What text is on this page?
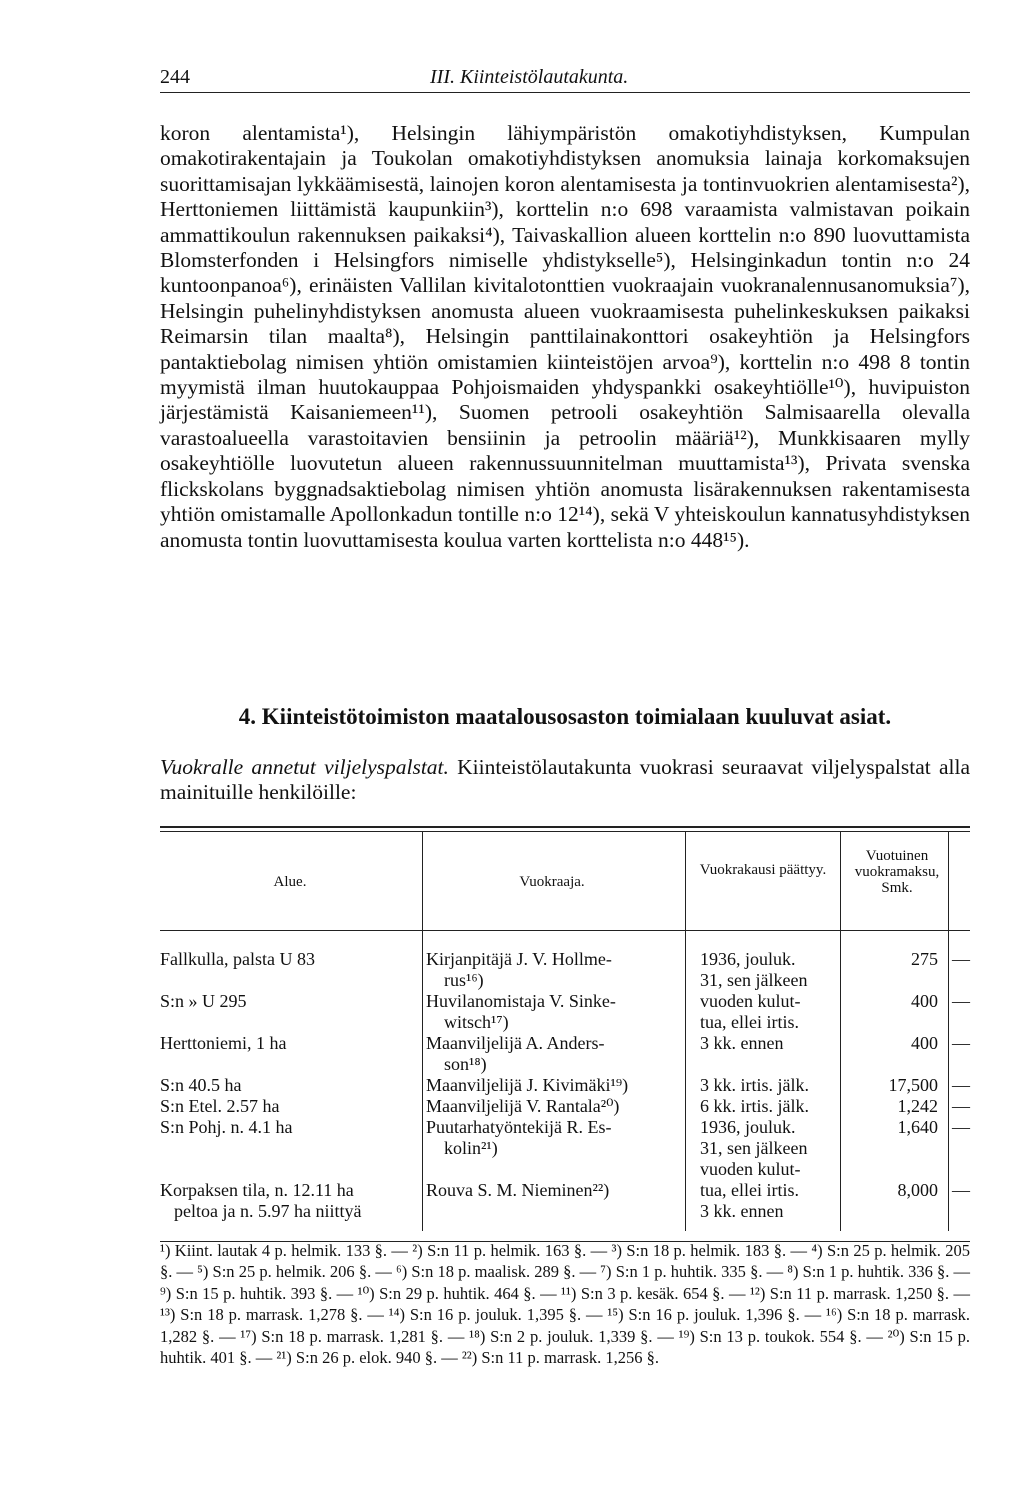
244	III. Kiinteistölautakunta.
koron alentamista¹), Helsingin lähiympäristön omakotiyhdistyksen, Kumpulan omakotirakentajain ja Toukolan omakotiyhdistyksen anomuksia lainaja korkomaksujen suorittamisajan lykkäämisestä, lainojen koron alentamisesta ja tontinvuokrien alentamisesta²), Herttoniemen liittämistä kaupunkiin³), korttelin n:o 698 varaamista valmistavan poikain ammattikoulun rakennuksen paikaksi⁴), Taivaskallion alueen korttelin n:o 890 luovuttamista Blomsterfonden i Helsingfors nimiselle yhdistykselle⁵), Helsinginkadun tontin n:o 24 kuntoonpanoa⁶), erinäisten Vallilan kivitalotonttien vuokraajain vuokranalennusanomuksia⁷), Helsingin puhelinyhdistyksen anomusta alueen vuokraamisesta puhelinkeskuksen paikaksi Reimarsin tilan maalta⁸), Helsingin panttilainakonttori osakeyhtiön ja Helsingfors pantaktiebolag nimisen yhtiön omistamien kiinteistöjen arvoa⁹), korttelin n:o 498 8 tontin myymistä ilman huutokauppaa Pohjoismaiden yhdyspankki osakeyhtiölle¹⁰), huvipuiston järjestämistä Kaisaniemeen¹¹), Suomen petrooli osakeyhtiön Salmisaarella olevalla varastoalueella varastoitavien bensiinin ja petroolin määriä¹²), Munkkisaaren mylly osakeyhtiölle luovutetun alueen rakennussuunnitelman muuttamista¹³), Privata svenska flickskolans byggnadsaktiebolag nimisen yhtiön anomusta lisärakennuksen rakentamisesta yhtiön omistamalle Apollonkadun tontille n:o 12¹⁴), sekä V yhteiskoulun kannatusyhdistyksen anomusta tontin luovuttamisesta koulua varten korttelista n:o 448¹⁵).
4. Kiinteistötoimiston maatalousosaston toimialaan kuuluvat asiat.
Vuokralle annetut viljelyspalstat. Kiinteistölautakunta vuokrasi seuraavat viljelyspalstat alla mainituille henkilöille:
Alue.	Vuokraaja.
Vuokrakausi päättyy.
Vuotuinen vuokramaksu, Smk.
Fallkulla, palsta U 83
S:n » U 295
Herttoniemi, 1 ha
S:n 40.5 ha
S:n Etel. 2.57 ha
S:n Pohj. n. 4.1 ha
Korpaksen tila, n. 12.11 ha
peltoa ja n. 5.97 ha niittyä
Kirjanpitäjä J. V. Hollme-
rus¹⁶)
Huvilanomistaja V. Sinke-
witsch¹⁷)
Maanviljelijä A. Anders-
son¹⁸)
Maanviljelijä J. Kivimäki¹⁹)
Maanviljelijä V. Rantala²⁰)
Puutarhatyöntekijä R. Es-
kolin²¹)
Rouva S. M. Nieminen²²)
1936, jouluk.
31, sen jälkeen
vuoden kulut-
tua, ellei irtis.
3 kk. ennen
3 kk. irtis. jälk.
6 kk. irtis. jälk.
1936, jouluk.
31, sen jälkeen
vuoden kulut-
tua, ellei irtis.
3 kk. ennen
275
400
400
17,500
1,242
1,640
8,000
—
—
—
—
—
—
—
¹) Kiint. lautak 4 p. helmik. 133 §. — ²) S:n 11 p. helmik. 163 §. — ³) S:n 18 p. helmik. 183 §. — ⁴) S:n 25 p. helmik. 205 §. — ⁵) S:n 25 p. helmik. 206 §. — ⁶) S:n 18 p. maalisk. 289 §. — ⁷) S:n 1 p. huhtik. 335 §. — ⁸) S:n 1 p. huhtik. 336 §. — ⁹) S:n 15 p. huhtik. 393 §. — ¹⁰) S:n 29 p. huhtik. 464 §. — ¹¹) S:n 3 p. kesäk. 654 §. — ¹²) S:n 11 p. marrask. 1,250 §. — ¹³) S:n 18 p. marrask. 1,278 §. — ¹⁴) S:n 16 p. jouluk. 1,395 §. — ¹⁵) S:n 16 p. jouluk. 1,396 §. — ¹⁶) S:n 18 p. marrask. 1,282 §. — ¹⁷) S:n 18 p. marrask. 1,281 §. — ¹⁸) S:n 2 p. jouluk. 1,339 §. — ¹⁹) S:n 13 p. toukok. 554 §. — ²⁰) S:n 15 p. huhtik. 401 §. — ²¹) S:n 26 p. elok. 940 §. — ²²) S:n 11 p. marrask. 1,256 §.
